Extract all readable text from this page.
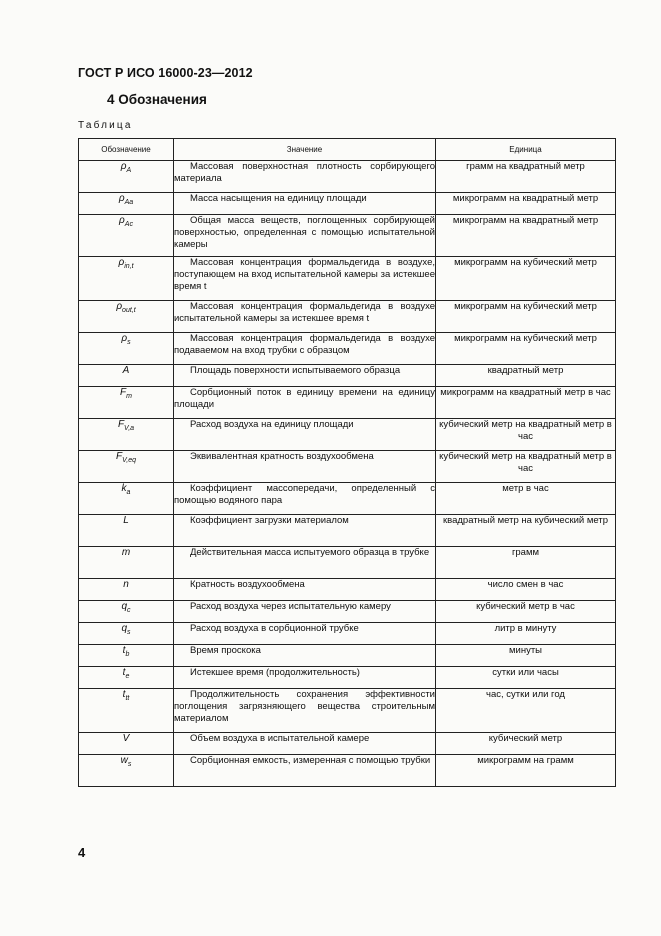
ГОСТ Р ИСО 16000-23—2012
4 Обозначения
Таблица
Обозначение	Значение	Единица
$\rho_A$	Массовая поверхностная плотность сорбирующего материала	грамм на квадратный метр
$\rho_{Aa}$	Масса насыщения на единицу площади	микрограмм на квадратный метр
$\rho_{Ac}$	Общая масса веществ, поглощенных сорбирующей поверхностью, определенная с помощью испытательной камеры	микрограмм на квадратный метр
$\rho_{in,t}$	Массовая концентрация формальдегида в воздухе, поступающем на вход испытательной камеры за истекшее время t	микрограмм на кубический метр
$\rho_{out,t}$	Массовая концентрация формальдегида в воздухе испытательной камеры за истекшее время t	микрограмм на кубический метр
$\rho_s$	Массовая концентрация формальдегида в воздухе подаваемом на вход трубки с образцом	микрограмм на кубический метр
A	Площадь поверхности испытываемого образца	квадратный метр
$F_m$	Сорбционный поток в единицу времени на единицу площади	микрограмм на квадратный метр в час
$F_{V,a}$	Расход воздуха на единицу площади	кубический метр на квадратный метр в час
$F_{V,eq}$	Эквивалентная кратность воздухообмена	кубический метр на квадратный метр в час
$k_a$	Коэффициент массопередачи, определенный с помощью водяного пара	метр в час
L	Коэффициент загрузки материалом	квадратный метр на кубический метр
m	Действительная масса испытуемого образца в трубке	грамм
n	Кратность воздухообмена	число смен в час
$q_c$	Расход воздуха через испытательную камеру	кубический метр в час
$q_s$	Расход воздуха в сорбционной трубке	литр в минуту
$t_b$	Время проскока	минуты
$t_e$	Истекшее время (продолжительность)	сутки или часы
$t_{tt}$	Продолжительность сохранения эффективности поглощения загрязняющего вещества строительным материалом	час, сутки или год
V	Объем воздуха в испытательной камере	кубический метр
$w_s$	Сорбционная емкость, измеренная с помощью трубки	микрограмм на грамм
4
